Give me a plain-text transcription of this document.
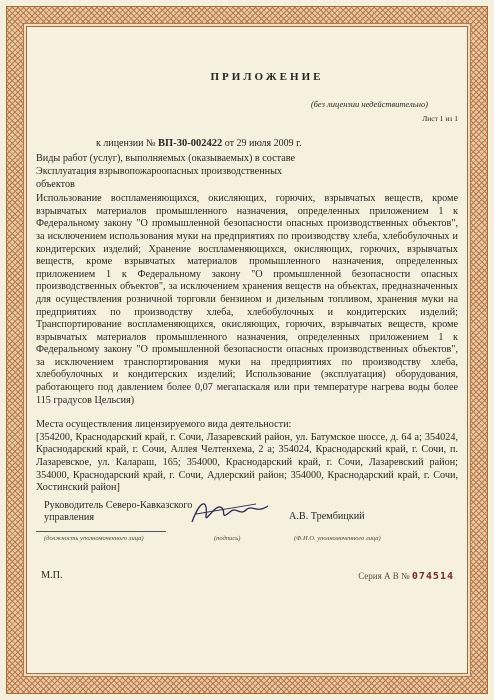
ПРИЛОЖЕНИЕ
(без лицензии недействительно)
Лист 1 из 1
к лицензии № ВП-30-002422 от 29 июля 2009 г.

Виды работ (услуг), выполняемых (оказываемых) в составе

Эксплуатация взрывопожароопасных производственных

объектов

Использование воспламеняющихся, окисляющих, горючих, взрывчатых веществ, кроме взрывчатых материалов промышленного назначения, определенных приложением 1 к Федеральному закону "О промышленной безопасности опасных производственных объектов", за исключением использования муки на предприятиях по производству хлеба, хлебобулочных и кондитерских изделий; Хранение воспламеняющихся, окисляющих, горючих, взрывчатых веществ, кроме взрывчатых материалов промышленного назначения, определенных приложением 1 к Федеральному закону "О промышленной безопасности опасных производственных объектов", за исключением хранения веществ на объектах, предназначенных для осуществления розничной торговли бензином и дизельным топливом, хранения муки на предприятиях по производству хлеба, хлебобулочных и кондитерских изделий; Транспортирование воспламеняющихся, окисляющих, горючих, взрывчатых веществ, кроме взрывчатых материалов промышленного назначения, определенных приложением 1 к Федеральному закону "О промышленной безопасности опасных производственных объектов", за исключением транспортирования муки на предприятиях по производству хлеба, хлебобулочных и кондитерских изделий; Использование (эксплуатация) оборудования, работающего под давлением более 0,07 мегапаскаля или при температуре нагрева воды более 115 градусов Цельсия)

Места осуществления лицензируемого вида деятельности:

[354200, Краснодарский край, г. Сочи, Лазаревский район, ул. Батумское шоссе, д. 64 а; 354024, Краснодарский край, г. Сочи, Аллея Челтенхема, 2 а; 354024, Краснодарский край, г. Сочи, п. Лазаревское, ул. Калараш, 165; 354000, Краснодарский край, г. Сочи, Лазаревский район; 354000, Краснодарский край, г. Сочи, Адлерский район; 354000, Краснодарский край, г. Сочи, Хостинский район]

Руководитель Северо-Кавказского управления	А.В. Трембицкий
(должность уполномоченного лица)	(подпись)	(Ф.И.О. уполномоченного лица)
М.П.	Серия А В № 074514
